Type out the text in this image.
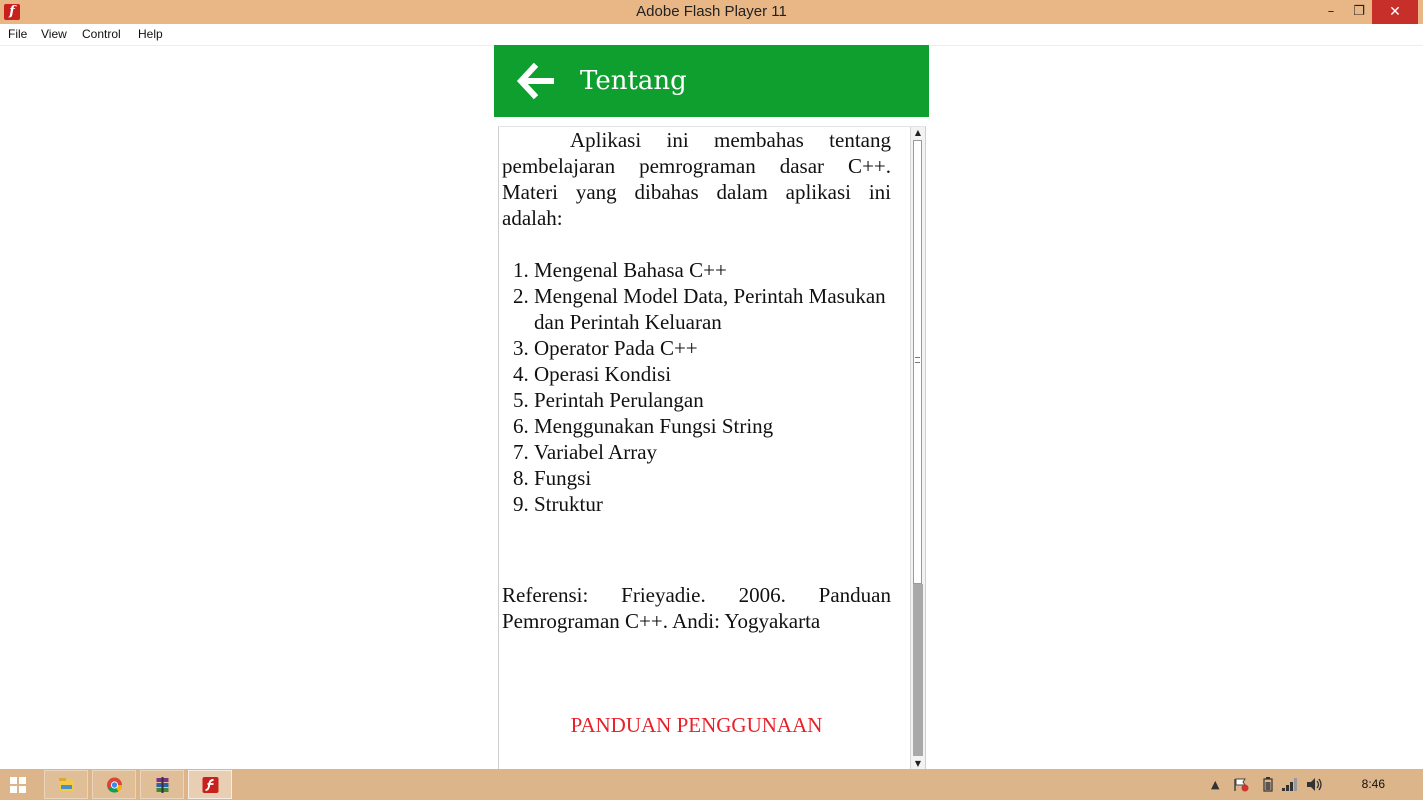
f	Adobe Flash Player 11	–	❐	✕
File View Control Help
Tentang

Aplikasi ini membahas tentang pembelajaran pemrograman dasar C++. Materi yang dibahas dalam aplikasi ini adalah:

1. Mengenal Bahasa C++
2. Mengenal Model Data, Perintah Masukan dan Perintah Keluaran
3. Operator Pada C++
4. Operasi Kondisi
5. Perintah Perulangan
6. Menggunakan Fungsi String
7. Variabel Array
8. Fungsi
9. Struktur

Referensi: Frieyadie. 2006. Panduan Pemrograman C++. Andi: Yogyakarta

PANDUAN PENGGUNAAN

1.
▲
▼
▲	8:46
